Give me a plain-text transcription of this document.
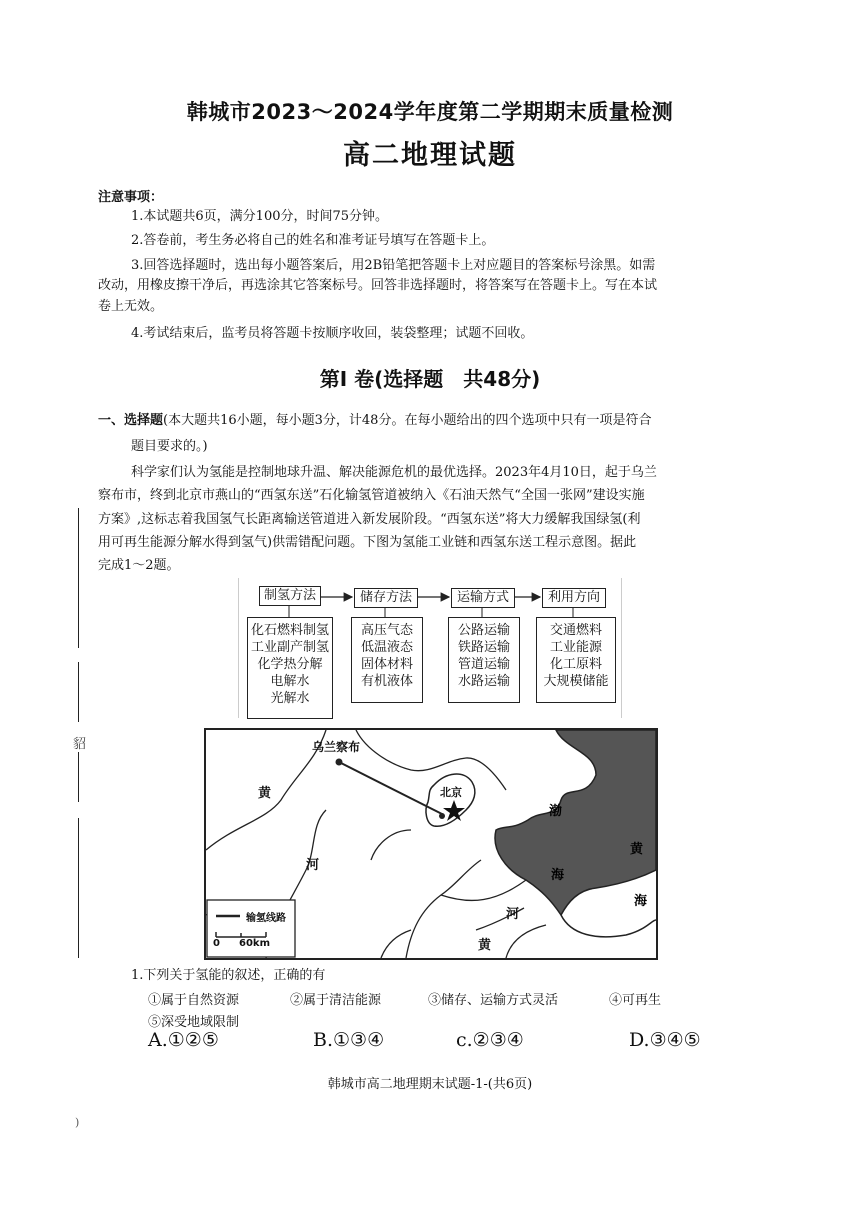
韩城市2023～2024学年度第二学期期末质量检测
高二地理试题
注意事项：
1.本试题共6页，满分100分，时间75分钟。
2.答卷前，考生务必将自己的姓名和准考证号填写在答题卡上。
3.回答选择题时，选出每小题答案后，用2B铅笔把答题卡上对应题目的答案标号涂黑。如需
改动，用橡皮擦干净后，再选涂其它答案标号。回答非选择题时，将答案写在答题卡上。写在本试
卷上无效。
4.考试结束后，监考员将答题卡按顺序收回，装袋整理；试题不回收。
第I 卷(选择题　共48分)
一、选择题(本大题共16小题，每小题3分，计48分。在每小题给出的四个选项中只有一项是符合
题目要求的。)
科学家们认为氢能是控制地球升温、解决能源危机的最优选择。2023年4月10日，起于乌兰
察布市，终到北京市燕山的“西氢东送”石化输氢管道被纳入《石油天然气“全国一张网”建设实施
方案》,这标志着我国氢气长距离输送管道进入新发展阶段。“西氢东送”将大力缓解我国绿氢(利
用可再生能源分解水得到氢气)供需错配问题。下图为氢能工业链和西氢东送工程示意图。据此
完成1～2题。
貂
制氢方法	储存方法	运输方式	利用方向
化石燃料制氢
工业副产制氢
化学热分解
电解水
光解水
高压气态
低温液态
固体材料
有机液体
公路运输
铁路运输
管道运输
水路运输
交通燃料
工业能源
化工原料
大规模储能
乌兰察布
北京
黄
河
渤
海
黄
海
河
黄
输氢线路
0 60km
1.下列关于氢能的叙述，正确的有
①属于自然资源	②属于清洁能源	③储存、运输方式灵活	④可再生
⑤深受地域限制
A.①②⑤	B.①③④	c.②③④	D.③④⑤
韩城市高二地理期末试题-1-(共6页)
)
